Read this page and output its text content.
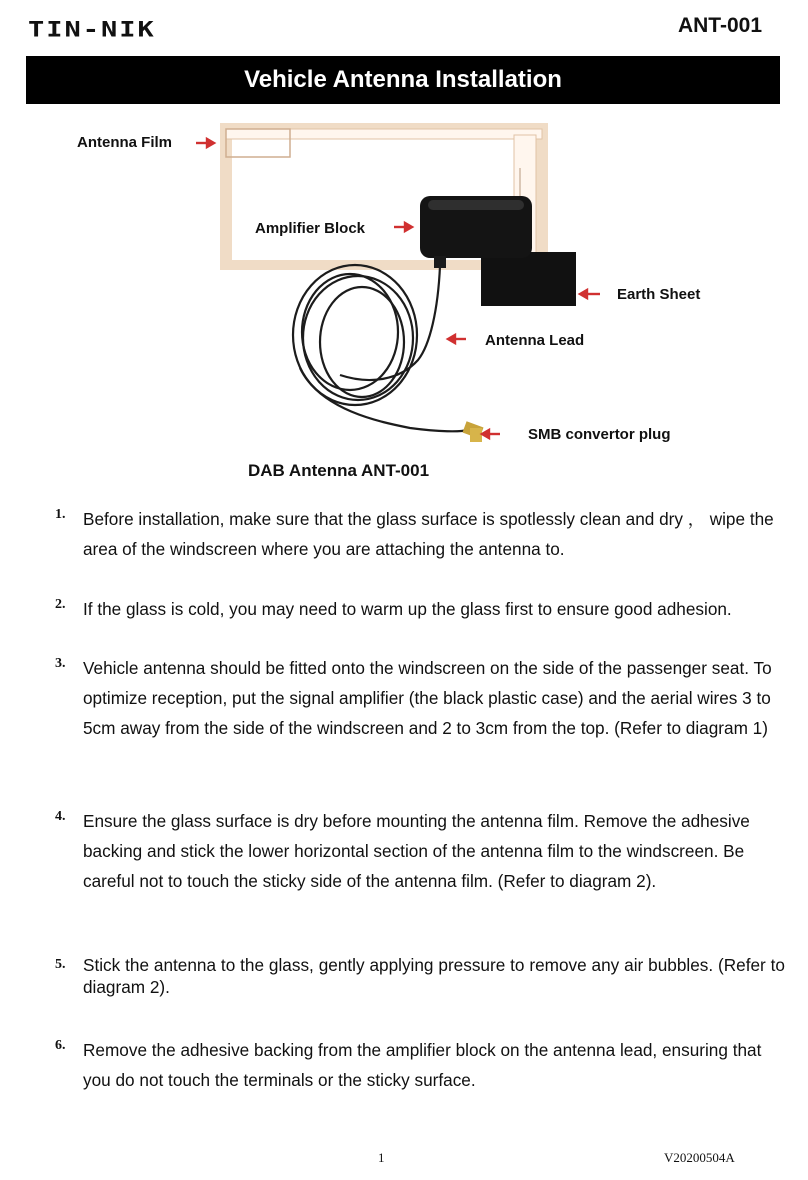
TIN-NIK	ANT-001
Vehicle Antenna Installation
Antenna Film
Amplifier Block
Earth Sheet
Antenna Lead
SMB convertor plug
DAB Antenna ANT-001
1. Before installation, make sure that the glass surface is spotlessly clean and dry ， wipe the area of the windscreen where you are attaching the antenna to.
2. If the glass is cold, you may need to warm up the glass first to ensure good adhesion.
3. Vehicle antenna should be fitted onto the windscreen on the side of the passenger seat. To optimize reception, put the signal amplifier (the black plastic case) and the aerial wires 3 to 5cm away from the side of the windscreen and 2 to 3cm from the top. (Refer to diagram 1)
4. Ensure the glass surface is dry before mounting the antenna film. Remove the adhesive backing and stick the lower horizontal section of the antenna film to the windscreen. Be careful not to touch the sticky side of the antenna film. (Refer to diagram 2).
5. Stick the antenna to the glass, gently applying pressure to remove any air bubbles. (Refer to diagram 2).
6. Remove the adhesive backing from the amplifier block on the antenna lead, ensuring that you do not touch the terminals or the sticky surface.
1	V20200504A
